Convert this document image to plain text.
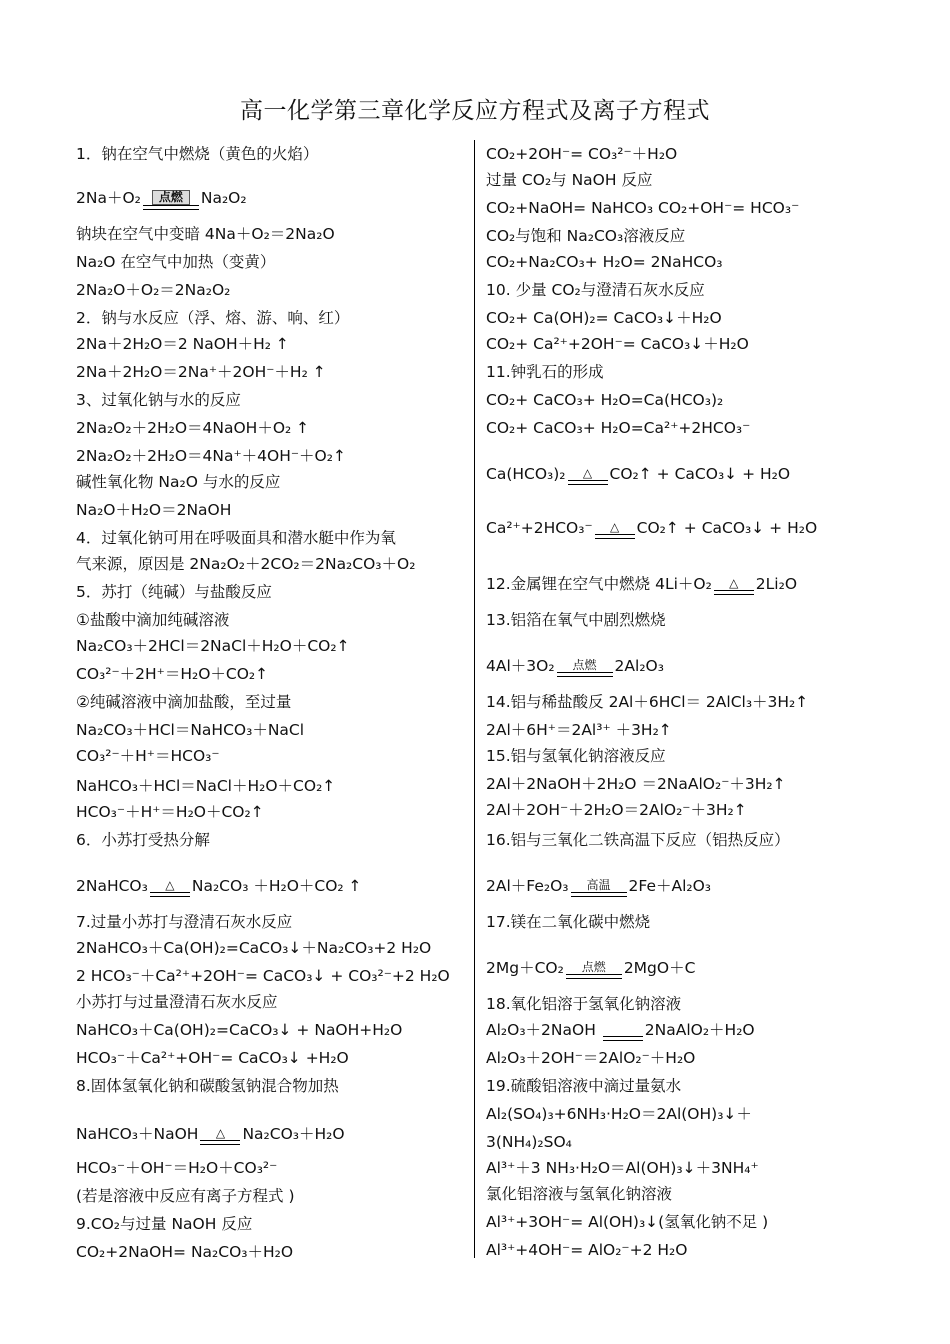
高一化学第三章化学反应方程式及离子方程式
1．钠在空气中燃烧（黄色的火焰）
2Na＋O₂	点燃	Na₂O₂
钠块在空气中变暗 4Na＋O₂＝2Na₂O
Na₂O 在空气中加热（变黄）
2Na₂O＋O₂＝2Na₂O₂
2．钠与水反应（浮、熔、游、响、红）
2Na＋2H₂O＝2 NaOH＋H₂ ↑
2Na＋2H₂O＝2Na⁺＋2OH⁻＋H₂ ↑
3、过氧化钠与水的反应
2Na₂O₂＋2H₂O＝4NaOH＋O₂ ↑
2Na₂O₂＋2H₂O＝4Na⁺＋4OH⁻＋O₂↑
碱性氧化物 Na₂O 与水的反应
Na₂O＋H₂O＝2NaOH
4．过氧化钠可用在呼吸面具和潜水艇中作为氧
气来源，原因是 2Na₂O₂＋2CO₂＝2Na₂CO₃＋O₂
5．苏打（纯碱）与盐酸反应
①盐酸中滴加纯碱溶液
Na₂CO₃＋2HCl＝2NaCl＋H₂O＋CO₂↑
CO₃²⁻＋2H⁺＝H₂O＋CO₂↑
②纯碱溶液中滴加盐酸，至过量
Na₂CO₃＋HCl＝NaHCO₃＋NaCl
CO₃²⁻＋H⁺＝HCO₃⁻
NaHCO₃＋HCl＝NaCl＋H₂O＋CO₂↑
HCO₃⁻＋H⁺＝H₂O＋CO₂↑
6．小苏打受热分解
2NaHCO₃ △ Na₂CO₃ ＋H₂O＋CO₂ ↑
7.过量小苏打与澄清石灰水反应
2NaHCO₃＋Ca(OH)₂=CaCO₃↓＋Na₂CO₃+2 H₂O
2 HCO₃⁻＋Ca²⁺+2OH⁻= CaCO₃↓ + CO₃²⁻+2 H₂O
小苏打与过量澄清石灰水反应
NaHCO₃＋Ca(OH)₂=CaCO₃↓ + NaOH+H₂O
HCO₃⁻＋Ca²⁺+OH⁻= CaCO₃↓ +H₂O
8.固体氢氧化钠和碳酸氢钠混合物加热
NaHCO₃＋NaOH △ Na₂CO₃＋H₂O
HCO₃⁻＋OH⁻＝H₂O＋CO₃²⁻
(若是溶液中反应有离子方程式 )
9.CO₂与过量 NaOH 反应
CO₂+2NaOH= Na₂CO₃＋H₂O
CO₂+2OH⁻= CO₃²⁻＋H₂O
过量 CO₂与 NaOH 反应
CO₂+NaOH= NaHCO₃ CO₂+OH⁻= HCO₃⁻
CO₂与饱和 Na₂CO₃溶液反应
CO₂+Na₂CO₃+ H₂O= 2NaHCO₃
10. 少量 CO₂与澄清石灰水反应
CO₂+ Ca(OH)₂= CaCO₃↓＋H₂O
CO₂+ Ca²⁺+2OH⁻= CaCO₃↓＋H₂O
11.钟乳石的形成
CO₂+ CaCO₃+ H₂O=Ca(HCO₃)₂
CO₂+ CaCO₃+ H₂O=Ca²⁺+2HCO₃⁻
Ca(HCO₃)₂ △ CO₂↑ + CaCO₃↓ + H₂O
Ca²⁺+2HCO₃⁻ △ CO₂↑ + CaCO₃↓ + H₂O
12.金属锂在空气中燃烧 4Li＋O₂ △ 2Li₂O
13.铝箔在氧气中剧烈燃烧
4Al＋3O₂ 点燃 2Al₂O₃
14.铝与稀盐酸反 2Al＋6HCl＝ 2AlCl₃＋3H₂↑
2Al＋6H⁺＝2Al³⁺ ＋3H₂↑
15.铝与氢氧化钠溶液反应
2Al＋2NaOH＋2H₂O ＝2NaAlO₂⁻＋3H₂↑
2Al＋2OH⁻＋2H₂O＝2AlO₂⁻＋3H₂↑
16.铝与三氧化二铁高温下反应（铝热反应）
2Al＋Fe₂O₃ 高温 2Fe＋Al₂O₃
17.镁在二氧化碳中燃烧
2Mg＋CO₂ 点燃 2MgO＋C
18.氧化铝溶于氢氧化钠溶液
Al₂O₃＋2NaOH
	2NaAlO₂＋H₂O
Al₂O₃＋2OH⁻＝2AlO₂⁻＋H₂O
19.硫酸铝溶液中滴过量氨水
Al₂(SO₄)₃+6NH₃·H₂O＝2Al(OH)₃↓＋
3(NH₄)₂SO₄
Al³⁺＋3 NH₃·H₂O＝Al(OH)₃↓＋3NH₄⁺
氯化铝溶液与氢氧化钠溶液
Al³⁺+3OH⁻= Al(OH)₃↓(氢氧化钠不足 )
Al³⁺+4OH⁻= AlO₂⁻+2 H₂O
